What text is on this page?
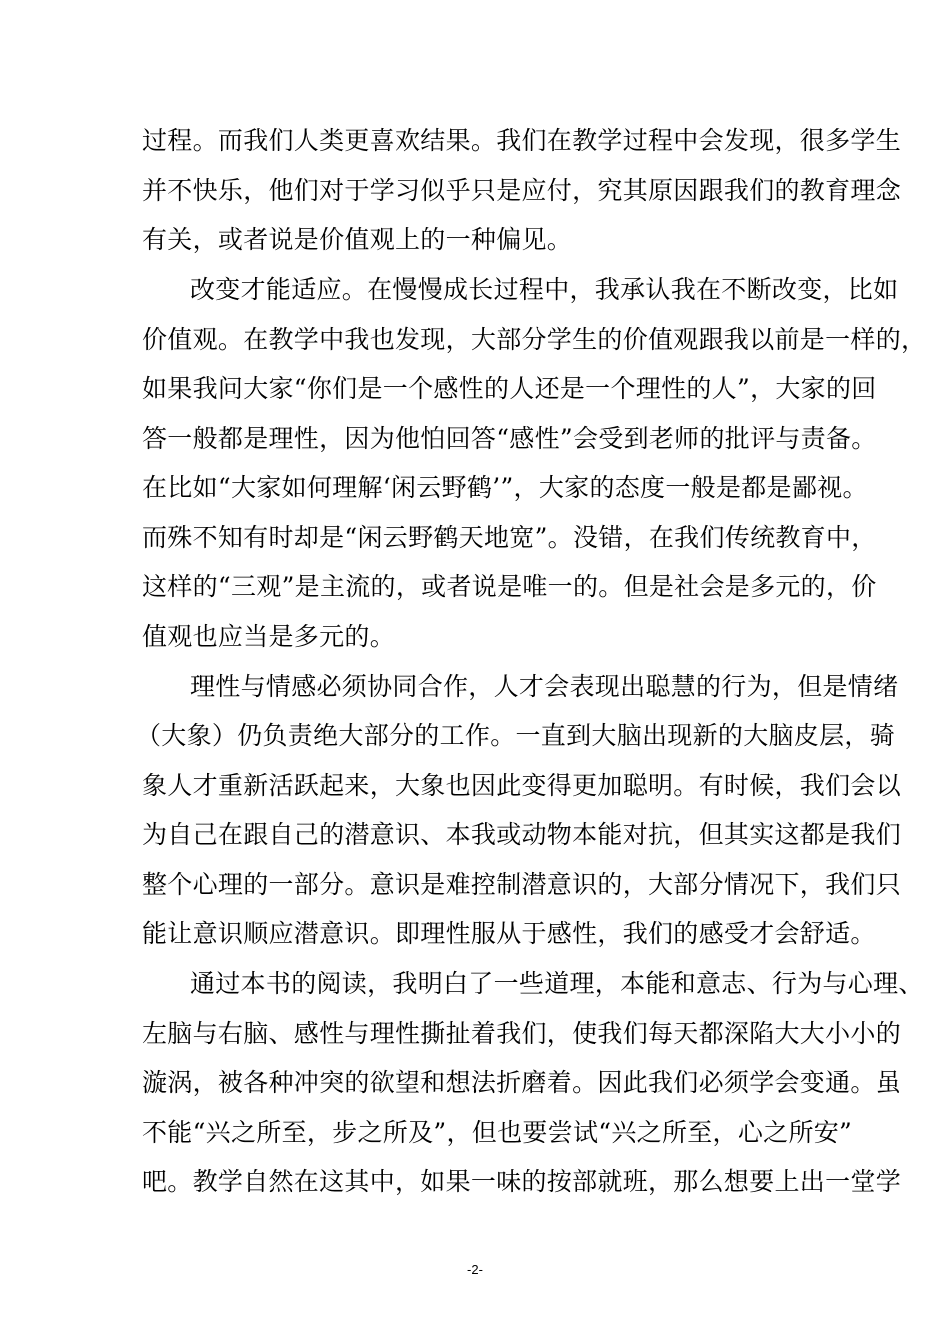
过程。而我们人类更喜欢结果。我们在教学过程中会发现，很多学生
并不快乐，他们对于学习似乎只是应付，究其原因跟我们的教育理念
有关，或者说是价值观上的一种偏见。
改变才能适应。在慢慢成长过程中，我承认我在不断改变，比如
价值观。在教学中我也发现，大部分学生的价值观跟我以前是一样的，
如果我问大家“你们是一个感性的人还是一个理性的人”，大家的回
答一般都是理性，因为他怕回答“感性”会受到老师的批评与责备。
在比如“大家如何理解‘闲云野鹤’”，大家的态度一般是都是鄙视。
而殊不知有时却是“闲云野鹤天地宽”。没错，在我们传统教育中，
这样的“三观”是主流的，或者说是唯一的。但是社会是多元的，价
值观也应当是多元的。
理性与情感必须协同合作，人才会表现出聪慧的行为，但是情绪
（大象）仍负责绝大部分的工作。一直到大脑出现新的大脑皮层，骑
象人才重新活跃起来，大象也因此变得更加聪明。有时候，我们会以
为自己在跟自己的潜意识、本我或动物本能对抗，但其实这都是我们
整个心理的一部分。意识是难控制潜意识的，大部分情况下，我们只
能让意识顺应潜意识。即理性服从于感性，我们的感受才会舒适。
通过本书的阅读，我明白了一些道理，本能和意志、行为与心理、
左脑与右脑、感性与理性撕扯着我们，使我们每天都深陷大大小小的
漩涡，被各种冲突的欲望和想法折磨着。因此我们必须学会变通。虽
不能“兴之所至，步之所及”，但也要尝试“兴之所至，心之所安”
吧。教学自然在这其中，如果一味的按部就班，那么想要上出一堂学
-2-
